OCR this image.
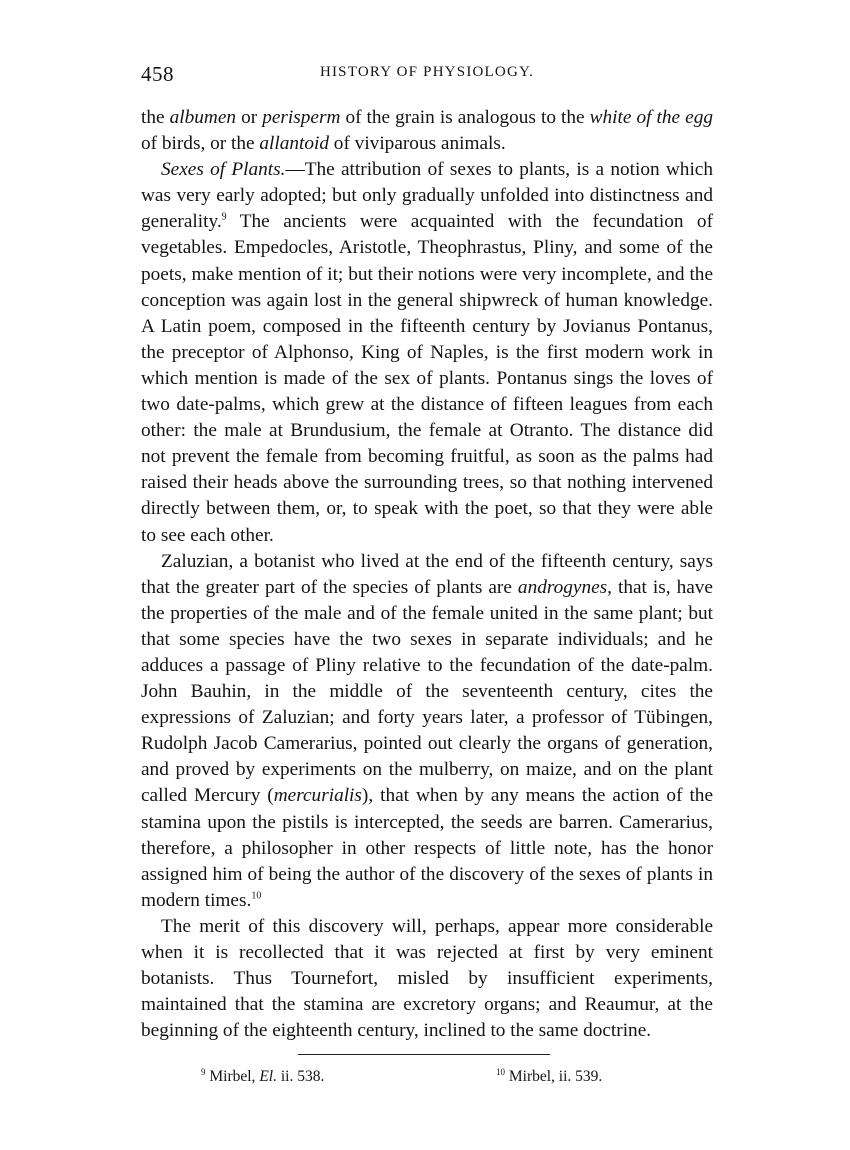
458	HISTORY OF PHYSIOLOGY.

the albumen or perisperm of the grain is analogous to the white of the egg of birds, or the allantoid of viviparous animals.

Sexes of Plants.—The attribution of sexes to plants, is a notion which was very early adopted; but only gradually unfolded into distinctness and generality.$^9$ The ancients were acquainted with the fecundation of vegetables. Empedocles, Aristotle, Theophrastus, Pliny, and some of the poets, make mention of it; but their notions were very incomplete, and the conception was again lost in the general shipwreck of human knowledge. A Latin poem, composed in the fifteenth century by Jovianus Pontanus, the preceptor of Alphonso, King of Naples, is the first modern work in which mention is made of the sex of plants. Pontanus sings the loves of two date-palms, which grew at the distance of fifteen leagues from each other: the male at Brundusium, the female at Otranto. The distance did not prevent the female from becoming fruitful, as soon as the palms had raised their heads above the surrounding trees, so that nothing intervened directly between them, or, to speak with the poet, so that they were able to see each other.

Zaluzian, a botanist who lived at the end of the fifteenth century, says that the greater part of the species of plants are androgynes, that is, have the properties of the male and of the female united in the same plant; but that some species have the two sexes in separate individuals; and he adduces a passage of Pliny relative to the fecundation of the date-palm. John Bauhin, in the middle of the seventeenth century, cites the expressions of Zaluzian; and forty years later, a professor of Tübingen, Rudolph Jacob Camerarius, pointed out clearly the organs of generation, and proved by experiments on the mulberry, on maize, and on the plant called Mercury (mercurialis), that when by any means the action of the stamina upon the pistils is intercepted, the seeds are barren. Camerarius, therefore, a philosopher in other respects of little note, has the honor assigned him of being the author of the discovery of the sexes of plants in modern times.$^{10}$

The merit of this discovery will, perhaps, appear more considerable when it is recollected that it was rejected at first by very eminent botanists. Thus Tournefort, misled by insufficient experiments, maintained that the stamina are excretory organs; and Reaumur, at the beginning of the eighteenth century, inclined to the same doctrine.

$^9$ Mirbel, El. ii. 538.	$^{10}$ Mirbel, ii. 539.
